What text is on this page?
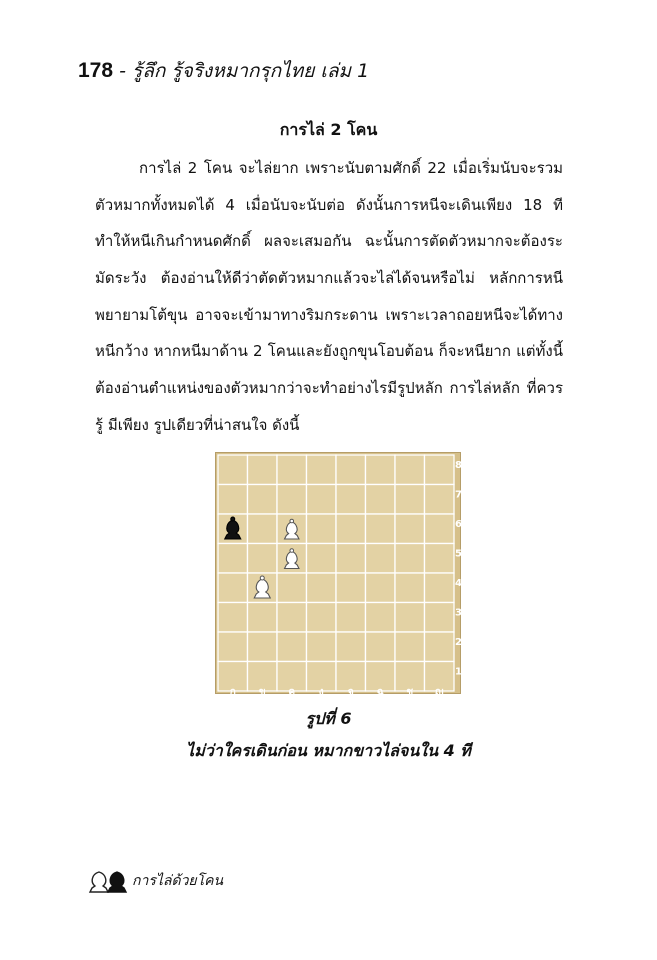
178 - รู้ลึก รู้จริงหมากรุกไทย เล่ม 1
การไล่ 2 โคน
การไล่ 2 โคน จะไล่ยาก เพราะนับตามศักดิ์ 22 เมื่อเริ่มนับจะรวม
ตัวหมากทั้งหมดได้ 4 เมื่อนับจะนับต่อ ดังนั้นการหนีจะเดินเพียง 18 ที
ทำให้หนีเกินกำหนดศักดิ์ ผลจะเสมอกัน ฉะนั้นการตัดตัวหมากจะต้องระ
มัดระวัง ต้องอ่านให้ดีว่าตัดตัวหมากแล้วจะไล่ได้จนหรือไม่ หลักการหนี
พยายามโต้ขุน อาจจะเข้ามาทางริมกระดาน เพราะเวลาถอยหนีจะได้ทาง
หนีกว้าง หากหนีมาด้าน 2 โคนและยังถูกขุนโอบต้อน ก็จะหนียาก แต่ทั้งนี้
ต้องอ่านตำแหน่งของตัวหมากว่าจะทำอย่างไรมีรูปหลัก การไล่หลัก ที่ควร
รู้ มีเพียง รูปเดียวที่น่าสนใจ ดังนี้
8
7
6
5
4
3
2
1
ก ข ค ง จ ฉ ช ญ
รูปที่ 6
ไม่ว่าใครเดินก่อน หมากขาวไล่จนใน 4 ที
การไล่ด้วยโคน
